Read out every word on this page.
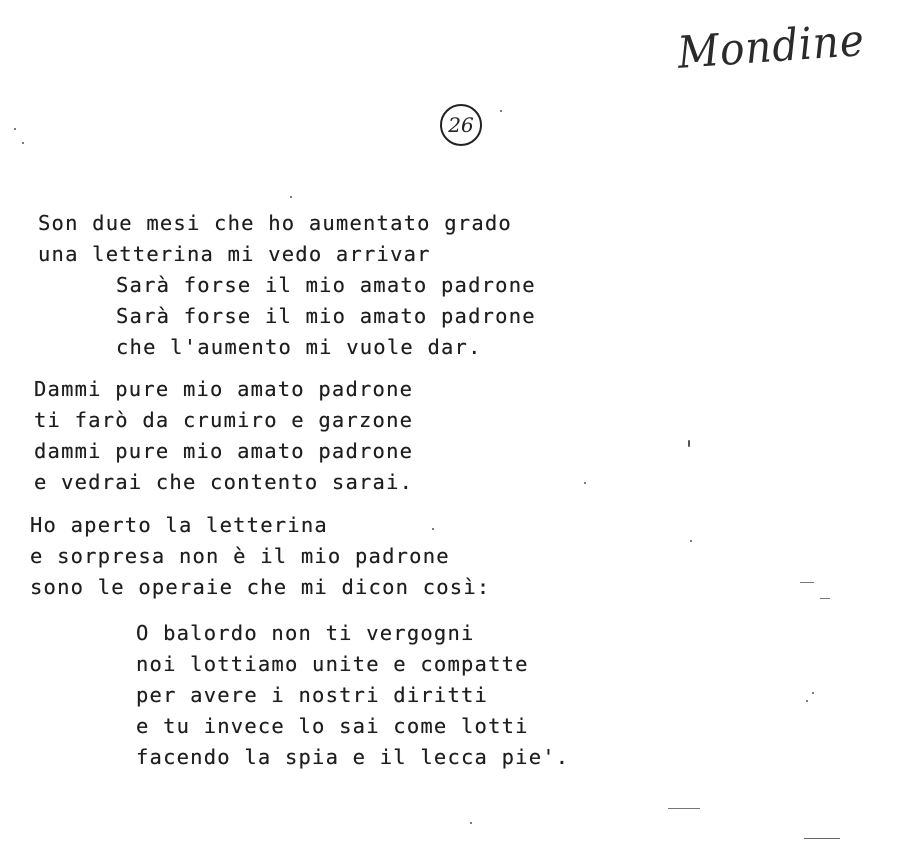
Mondine
26
Son due mesi che ho aumentato grado
una letterina mi vedo arrivar
Sarà forse il mio amato padrone
Sarà forse il mio amato padrone
che l'aumento mi vuole dar.
Dammi pure mio amato padrone
ti farò da crumiro e garzone
dammi pure mio amato padrone
e vedrai che contento sarai.
Ho aperto la letterina
e sorpresa non è il mio padrone
sono le operaie che mi dicon così:
O balordo non ti vergogni
noi lottiamo unite e compatte
per avere i nostri diritti
e tu invece lo sai come lotti
facendo la spia e il lecca pie'.
